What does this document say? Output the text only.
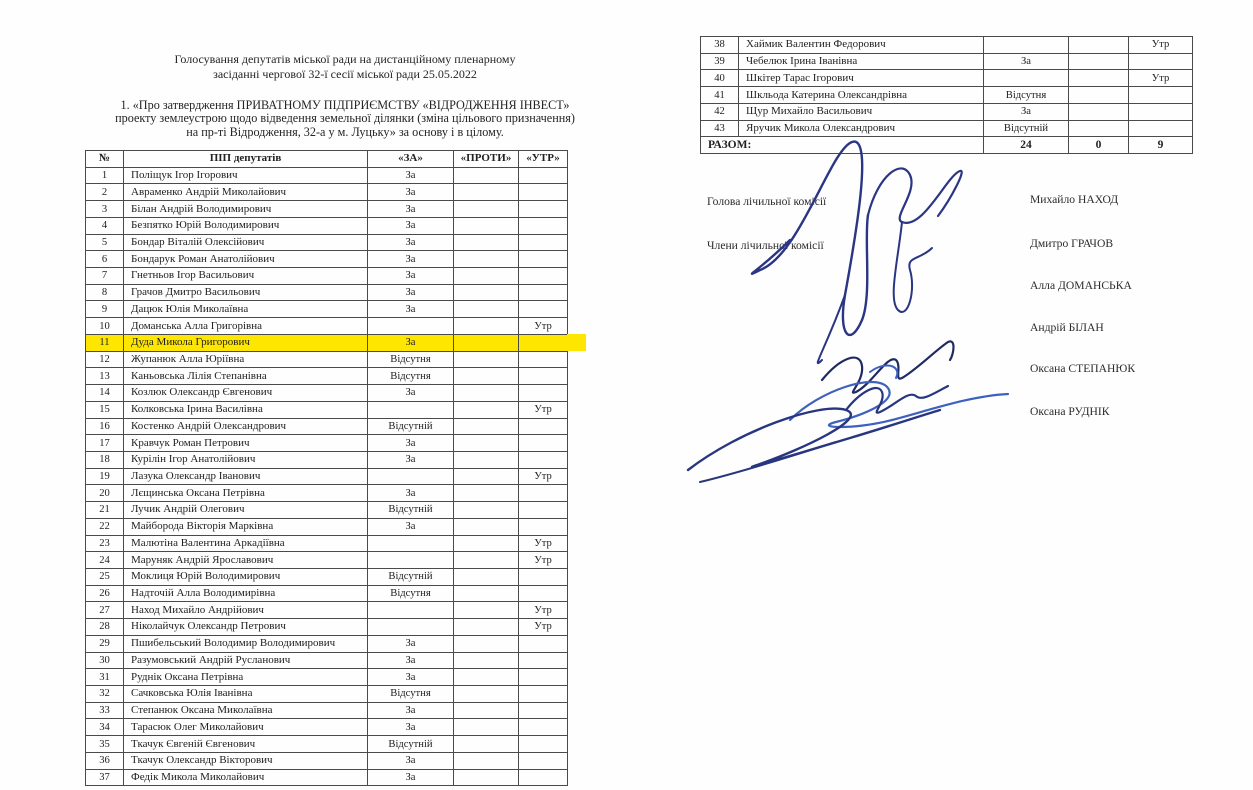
Голосування депутатів міської ради на дистанційному пленарному
засіданні чергової 32-ї сесії міської ради 25.05.2022
1. «Про затвердження ПРИВАТНОМУ ПІДПРИЄМСТВУ «ВІДРОДЖЕННЯ ІНВЕСТ»
проекту землеустрою щодо відведення земельної ділянки (зміна цільового призначення)
на пр-ті Відродження, 32-а у м. Луцьку» за основу і в цілому.
№	ПІП депутатів	«ЗА»	«ПРОТИ»	«УТР»
1	Поліщук Ігор Ігорович	За		
2	Авраменко Андрій Миколайович	За		
3	Білан Андрій Володимирович	За		
4	Безпятко Юрій Володимирович	За		
5	Бондар Віталій Олексійович	За		
6	Бондарук Роман Анатолійович	За		
7	Гнетньов Ігор Васильович	За		
8	Грачов Дмитро Васильович	За		
9	Дацюк Юлія Миколаївна	За		
10	Доманська Алла Григорівна			Утр
11	Дуда Микола Григорович	За		
12	Жупанюк Алла Юріївна	Відсутня		
13	Каньовська Лілія Степанівна	Відсутня		
14	Козлюк Олександр Євгенович	За		
15	Колковська Ірина Василівна			Утр
16	Костенко Андрій Олександрович	Відсутній		
17	Кравчук Роман Петрович	За		
18	Курілін Ігор Анатолійович	За		
19	Лазука Олександр Іванович			Утр
20	Лєщинська Оксана Петрівна	За		
21	Лучик Андрій Олегович	Відсутній		
22	Майборода Вікторія Марківна	За		
23	Малютіна Валентина Аркадіївна			Утр
24	Маруняк Андрій Ярославович			Утр
25	Моклиця Юрій Володимирович	Відсутній		
26	Надточій Алла Володимирівна	Відсутня		
27	Наход Михайло Андрійович			Утр
28	Ніколайчук Олександр Петрович			Утр
29	Пшибельський Володимир Володимирович	За		
30	Разумовський Андрій Русланович	За		
31	Руднік Оксана Петрівна	За		
32	Сачковська Юлія Іванівна	Відсутня		
33	Степанюк Оксана Миколаївна	За		
34	Тарасюк Олег Миколайович	За		
35	Ткачук Євгеній Євгенович	Відсутній		
36	Ткачук Олександр Вікторович	За		
37	Федік Микола Миколайович	За		
38	Хаймик Валентин Федорович			Утр
39	Чебелюк Ірина Іванівна	За		
40	Шкітер Тарас Ігорович			Утр
41	Шкльода Катерина Олександрівна	Відсутня		
42	Щур Михайло Васильович	За		
43	Яручик Микола Олександрович	Відсутній		
РАЗОМ:		24	0	9
Голова лічильної комісії
Члени лічильної комісії
Михайло НАХОД
Дмитро ГРАЧОВ
Алла ДОМАНСЬКА
Андрій БІЛАН
Оксана СТЕПАНЮК
Оксана РУДНІК
